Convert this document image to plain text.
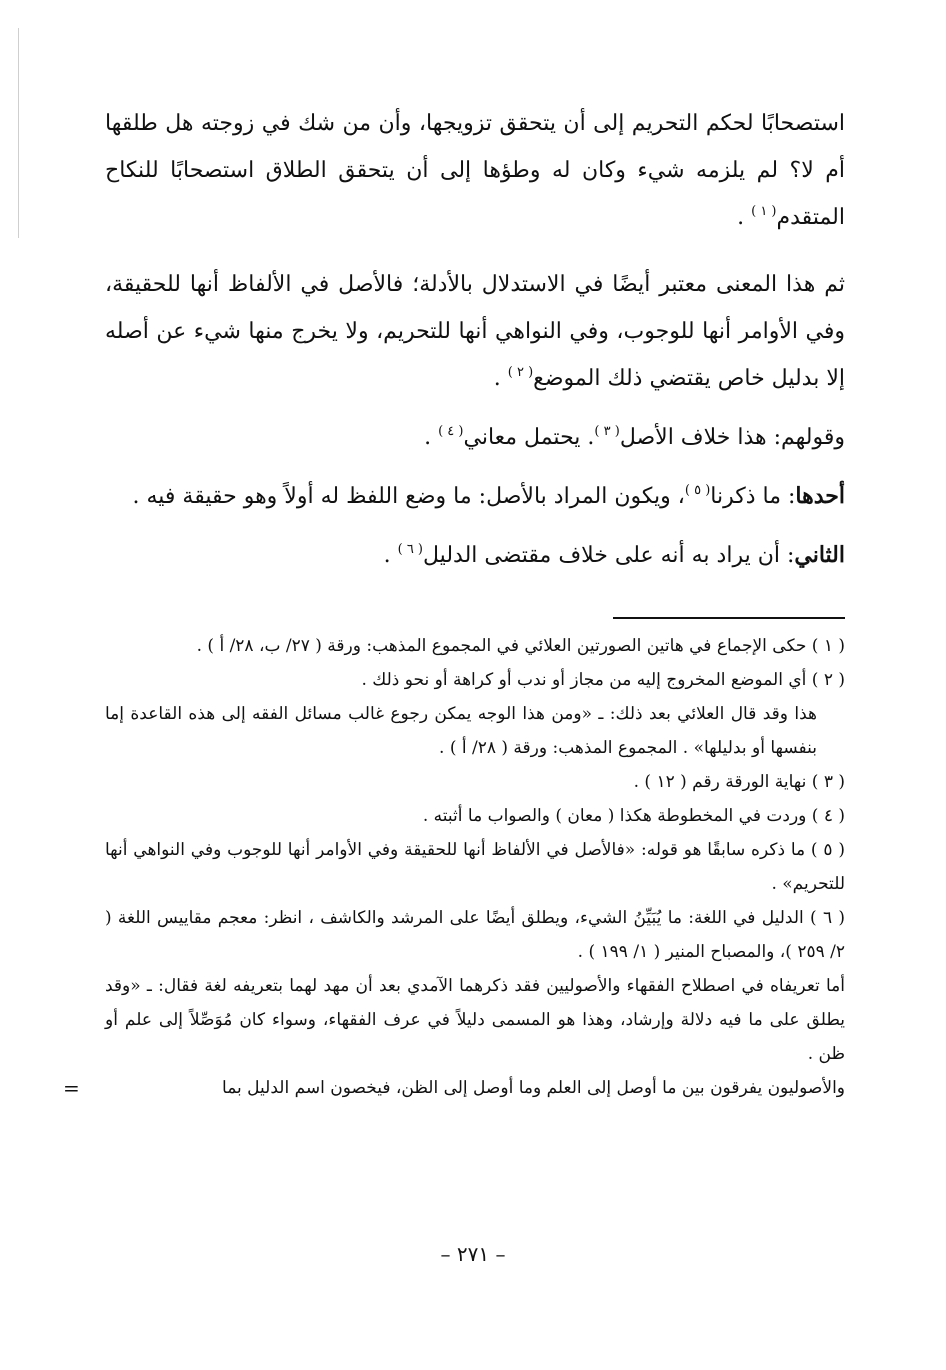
استصحابًا لحكم التحريم إلى أن يتحقق تزويجها، وأن من شك في زوجته هل طلقها أم لا؟ لم يلزمه شيء وكان له وطؤها إلى أن يتحقق الطلاق استصحابًا للنكاح المتقدم$^{( ١ )}$ .

ثم هذا المعنى معتبر أيضًا في الاستدلال بالأدلة؛ فالأصل في الألفاظ أنها للحقيقة، وفي الأوامر أنها للوجوب، وفي النواهي أنها للتحريم، ولا يخرج منها شيء عن أصله إلا بدليل خاص يقتضي ذلك الموضع$^{( ٢ )}$ .

وقولهم: هذا خلاف الأصل$^{( ٣ )}$. يحتمل معاني$^{( ٤ )}$ .

أحدها: ما ذكرنا$^{( ٥ )}$، ويكون المراد بالأصل: ما وضع اللفظ له أولاً وهو حقيقة فيه .

الثاني: أن يراد به أنه على خلاف مقتضى الدليل$^{( ٦ )}$ .

( ١ ) حكى الإجماع في هاتين الصورتين العلائي في المجموع المذهب: ورقة ( ٢٧/ ب، ٢٨/ أ ) .

( ٢ ) أي الموضع المخروج إليه من مجاز أو ندب أو كراهة أو نحو ذلك .

هذا وقد قال العلائي بعد ذلك: ـ «ومن هذا الوجه يمكن رجوع غالب مسائل الفقه إلى هذه القاعدة إما بنفسها أو بدليلها» . المجموع المذهب: ورقة ( ٢٨/ أ ) .

( ٣ ) نهاية الورقة رقم ( ١٢ ) .

( ٤ ) وردت في المخطوطة هكذا ( معان ) والصواب ما أثبته .

( ٥ ) ما ذكره سابقًا هو قوله: «فالأصل في الألفاظ أنها للحقيقة وفي الأوامر أنها للوجوب وفي النواهي أنها للتحريم» .

( ٦ ) الدليل في اللغة: ما يُبَيِّنُ الشيء، ويطلق أيضًا على المرشد والكاشف ، انظر: معجم مقاييس اللغة ( ٢/ ٢٥٩ )، والمصباح المنير ( ١/ ١٩٩ ) .

أما تعريفاه في اصطلاح الفقهاء والأصوليين فقد ذكرهما الآمدي بعد أن مهد لهما بتعريفه لغة فقال: ـ «وقد يطلق على ما فيه دلالة وإرشاد، وهذا هو المسمى دليلاً في عرف الفقهاء، وسواء كان مُوَصِّلاً إلى علم أو ظن .

والأصوليون يفرقون بين ما أوصل إلى العلم وما أوصل إلى الظن، فيخصون اسم الدليل بما
=

– ٢٧١ –
